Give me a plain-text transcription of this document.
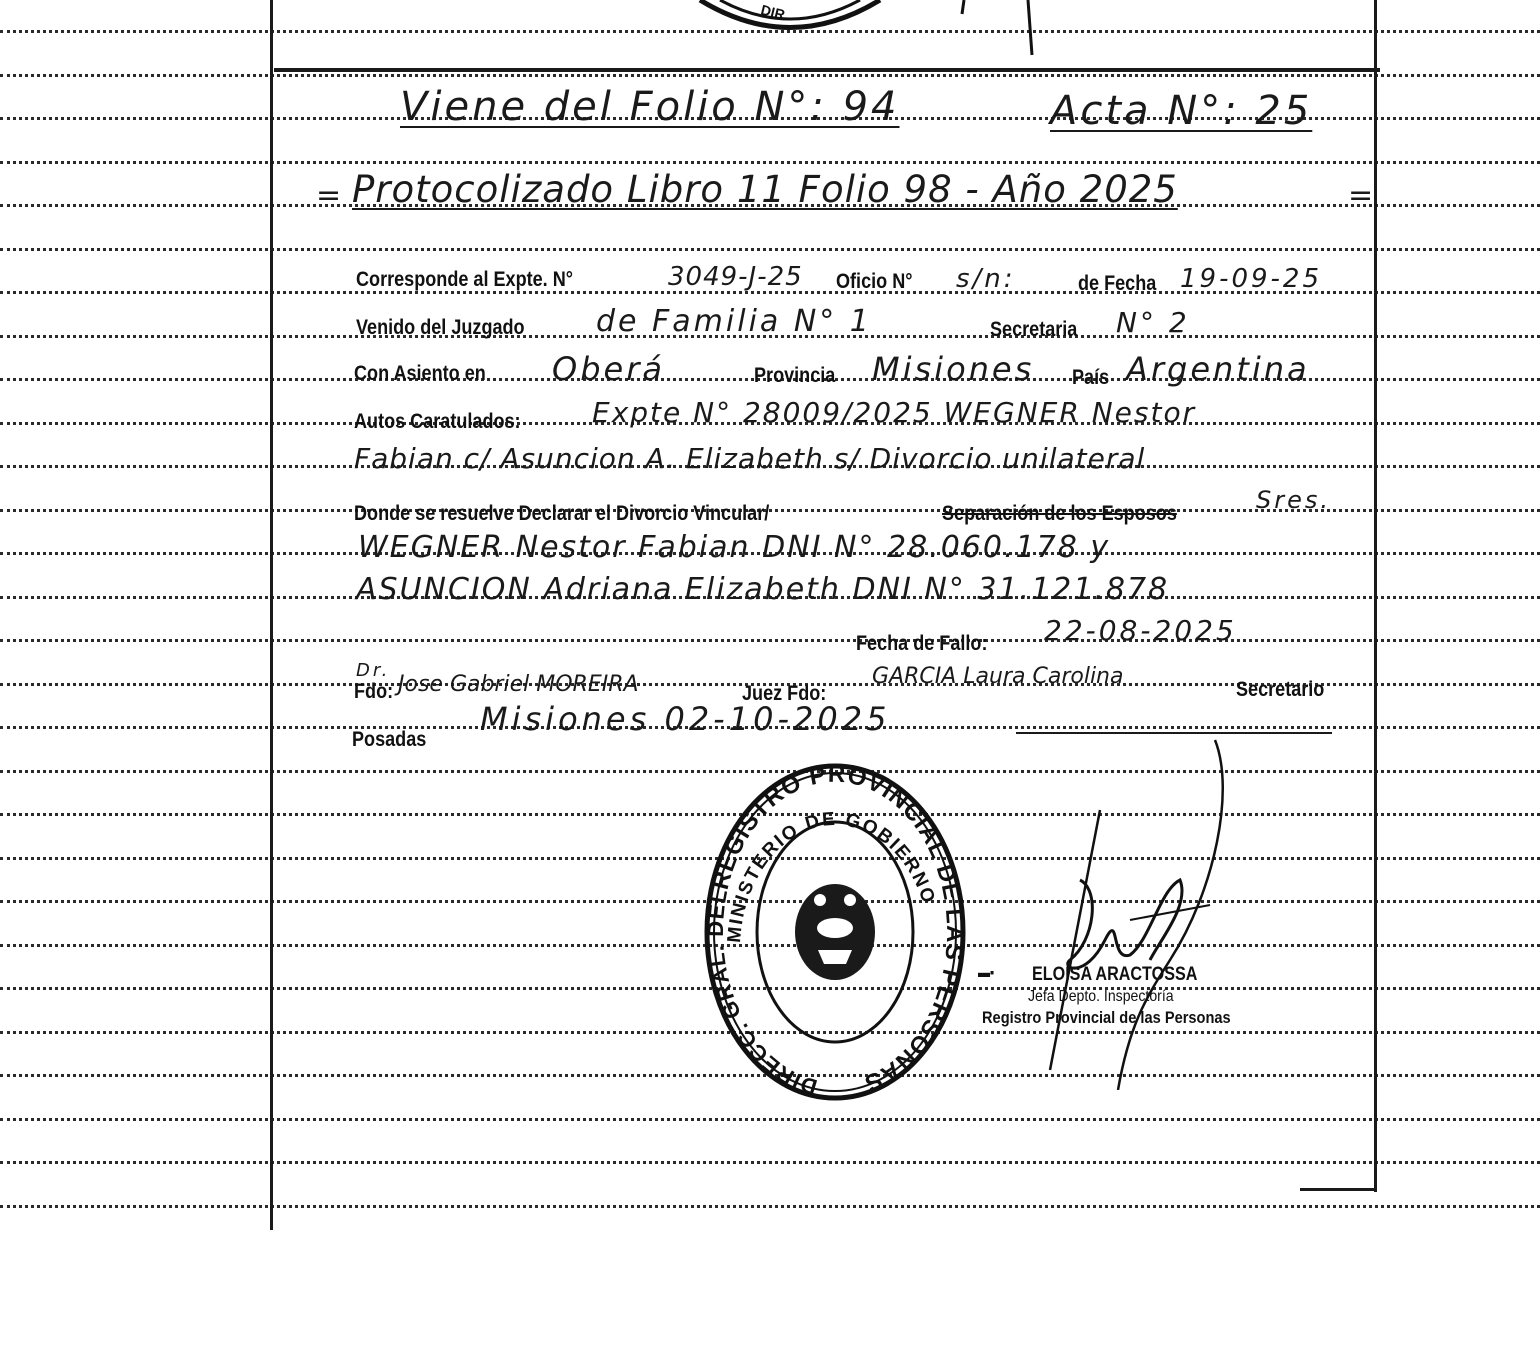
DIR
Viene del Folio N°: 94	Acta N°: 25
= Protocolizado Libro 11 Folio 98 - Año 2025	=
Corresponde al Expte. N°	3049-J-25 Oficio N° s/n:	de Fecha 19-09-25
Venido del Juzgado de Familia N° 1	Secretaria N° 2
Con Asiento en Oberá	Provincia Misiones País Argentina
Autos Caratulados:	Expte N° 28009/2025 WEGNER Nestor
Fabian c/ Asuncion A. Elizabeth s/ Divorcio unilateral
Donde se resuelve Declarar el Divorcio Vincular/	Separación de los Esposos	Sres.
WEGNER Nestor Fabian DNI N° 28.060.178 y
ASUNCION Adriana Elizabeth DNI N° 31.121.878
Fecha de Fallo: 22-08-2025
Dr.
Fdo: Jose Gabriel MOREIRA	Juez Fdo:
GARCIA Laura Carolina
Secretario
Posadas
Misiones 02-10-2025
REGISTRO PROVINCIAL DE LAS PERSONAS
DIRECC. GRAL. DEL
MINISTERIO DE GOBIERNO
▬▪ ELOISA ARACTOSSA
Jefa Depto. Inspectoría
Registro Provincial de las Personas
